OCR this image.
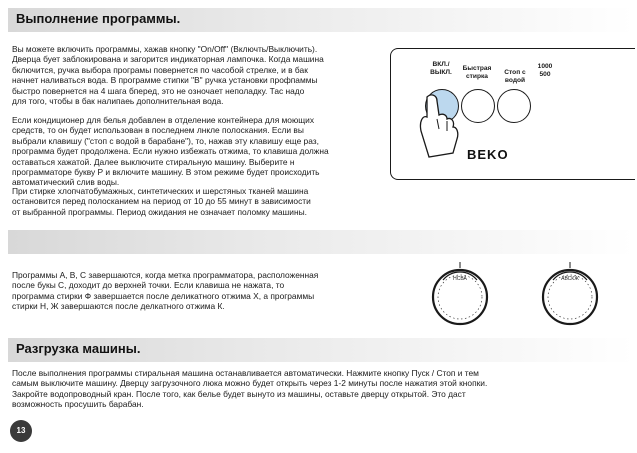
Выполнение программы.

Вы можете включить программы, хажав кнопку "On/Off" (Включть/Выключить).
Дверца бует заблокирована и загорится индикаторная лампочка. Когда машина
бключится, ручка выбора програмы повернется по часобой стрелке, и в бак
начнет наливаться вода. В программе стипки "В" ручка установки профпаммы
быстро повернется на 4 шага бперед, это не озночает неполадку. Тас надо
для того, чтобы в бак налипаеь дополнительная вода.

Если кондиционер для белья добавлен в отделение контейнера для моющих
средств, то он будет использован в последнем лнкле полоскания. Если вы
выбрали клавишу ("стоп с водой в барабане"), то, нажав эту клавишу еще раз,
программа будет продолжена. Если нужно избежать отжима, то клавиша должна
оставаться хажатой. Далее выключите стиральную машину. Выберите н
программаторе букву Р и включите машину. В этом режиме будет происходить
автоматический слив воды.

При стирке хлопчатобумажных, синтетических и шерстяных тканей машина
остановится перед полосканием на период от 10 до 55 минут в зависимости
от выбранной программы. Период ожидания не означает поломку машины.

ВКЛ./
ВЫКЛ.
Быстрая
стирка
Стоп с
водой
1000
500
BEKO

Программы А, В, С завершаются, когда метка программатора, расположенная
после букы С, доходит до верхней точки. Если клавиша не нажата, то
программа стирки Ф завершается после деликатного отжима Х, а программы
стирки Н, Ж завершаются после делкатного отжима К.

НСВА	АВСКЖ
Разгрузка машины.

После выполнения программы стиральная машина останавливается автоматически. Нажмите кнопку Пуск / Стоп и тем
самым выключите машину. Дверцу загрузочного люка можно будет открыть через 1-2 минуты после нажатия этой кнопки.
Закройте водопроводный кран. После того, как белье будет вынуто из машины, оставьте дверцу открытой. Это даст
возможность просушить барабан.

13
